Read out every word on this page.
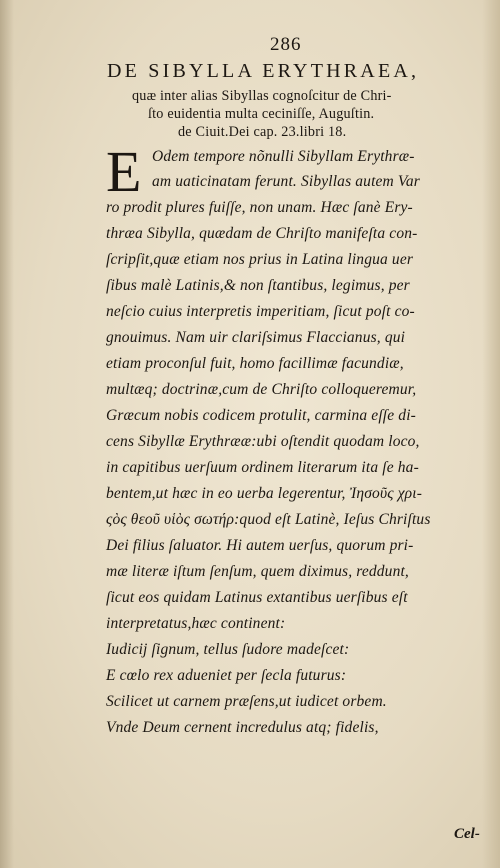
286
DE SIBYLLA ERYTHRAEA,
quæ inter alias Sibyllas cognoſcitur de Chri-
ſto euidentia multa ceciniſſe, Auguſtin.
de Ciuit.Dei cap. 23.libri 18.
E Odem tempore nõnulli Sibyllam Erythræ-
am uaticinatam ferunt. Sibyllas autem Var
ro prodit plures fuiſſe, non unam. Hæc ſanè Ery-
thræa Sibylla, quædam de Chriſto manifeſta con-
ſcripſit,quæ etiam nos prius in Latina lingua uer
ſibus malè Latinis,& non ſtantibus, legimus, per
neſcio cuius interpretis imperitiam, ſicut poſt co-
gnouimus. Nam uir clariſsimus Flaccianus, qui
etiam proconſul fuit, homo facillimæ facundiæ,
multæq; doctrinæ,cum de Chriſto colloqueremur,
Græcum nobis codicem protulit, carmina eſſe di-
cens Sibyllæ Erythrææ:ubi oſtendit quodam loco,
in capitibus uerſuum ordinem literarum ita ſe ha-
bentem,ut hæc in eo uerba legerentur, Ἰησοῦς χρι-
ςὸς θεοῦ υἱὸς σωτήρ:quod eſt Latinè, Ieſus Chriſtus
Dei filius ſaluator. Hi autem uerſus, quorum pri-
mæ literæ iſtum ſenſum, quem diximus, reddunt,
ſicut eos quidam Latinus extantibus uerſibus eſt
interpretatus,hæc continent:
Iudicij ſignum, tellus ſudore madeſcet:
E cœlo rex adueniet per ſecla futurus:
Scilicet ut carnem præſens,ut iudicet orbem.
Vnde Deum cernent incredulus atq; fidelis,
Cel-
